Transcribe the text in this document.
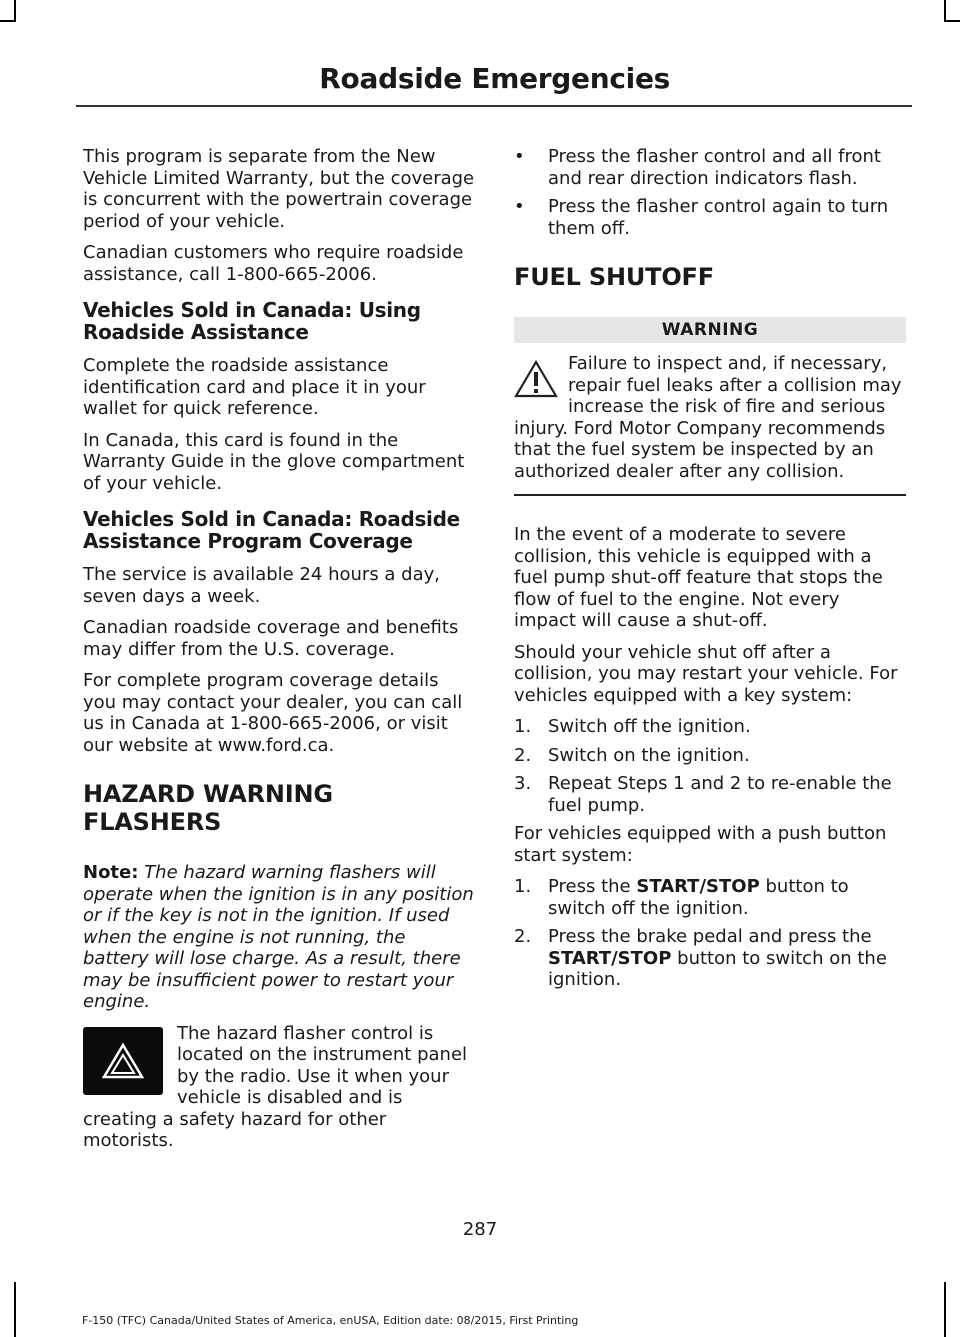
Roadside Emergencies

This program is separate from the New Vehicle Limited Warranty, but the coverage is concurrent with the powertrain coverage period of your vehicle.

Canadian customers who require roadside assistance, call 1-800-665-2006.

Vehicles Sold in Canada: Using Roadside Assistance

Complete the roadside assistance identification card and place it in your wallet for quick reference.

In Canada, this card is found in the Warranty Guide in the glove compartment of your vehicle.

Vehicles Sold in Canada: Roadside Assistance Program Coverage

The service is available 24 hours a day, seven days a week.

Canadian roadside coverage and benefits may differ from the U.S. coverage.

For complete program coverage details you may contact your dealer, you can call us in Canada at 1-800-665-2006, or visit our website at www.ford.ca.

HAZARD WARNING FLASHERS

Note: The hazard warning flashers will operate when the ignition is in any position or if the key is not in the ignition. If used when the engine is not running, the battery will lose charge. As a result, there may be insufficient power to restart your engine.

The hazard flasher control is located on the instrument panel by the radio. Use it when your vehicle is disabled and is creating a safety hazard for other motorists.

•	Press the flasher control and all front and rear direction indicators flash.
•	Press the flasher control again to turn them off.
FUEL SHUTOFF
WARNING

Failure to inspect and, if necessary, repair fuel leaks after a collision may increase the risk of fire and serious injury. Ford Motor Company recommends that the fuel system be inspected by an authorized dealer after any collision.

In the event of a moderate to severe collision, this vehicle is equipped with a fuel pump shut-off feature that stops the flow of fuel to the engine. Not every impact will cause a shut-off.

Should your vehicle shut off after a collision, you may restart your vehicle. For vehicles equipped with a key system:

1. Switch off the ignition.
2. Switch on the ignition.
3. Repeat Steps 1 and 2 to re-enable the fuel pump.

For vehicles equipped with a push button start system:

1. Press the START/STOP button to switch off the ignition.
2. Press the brake pedal and press the START/STOP button to switch on the ignition.
287
F-150 (TFC) Canada/United States of America, enUSA, Edition date: 08/2015, First Printing
